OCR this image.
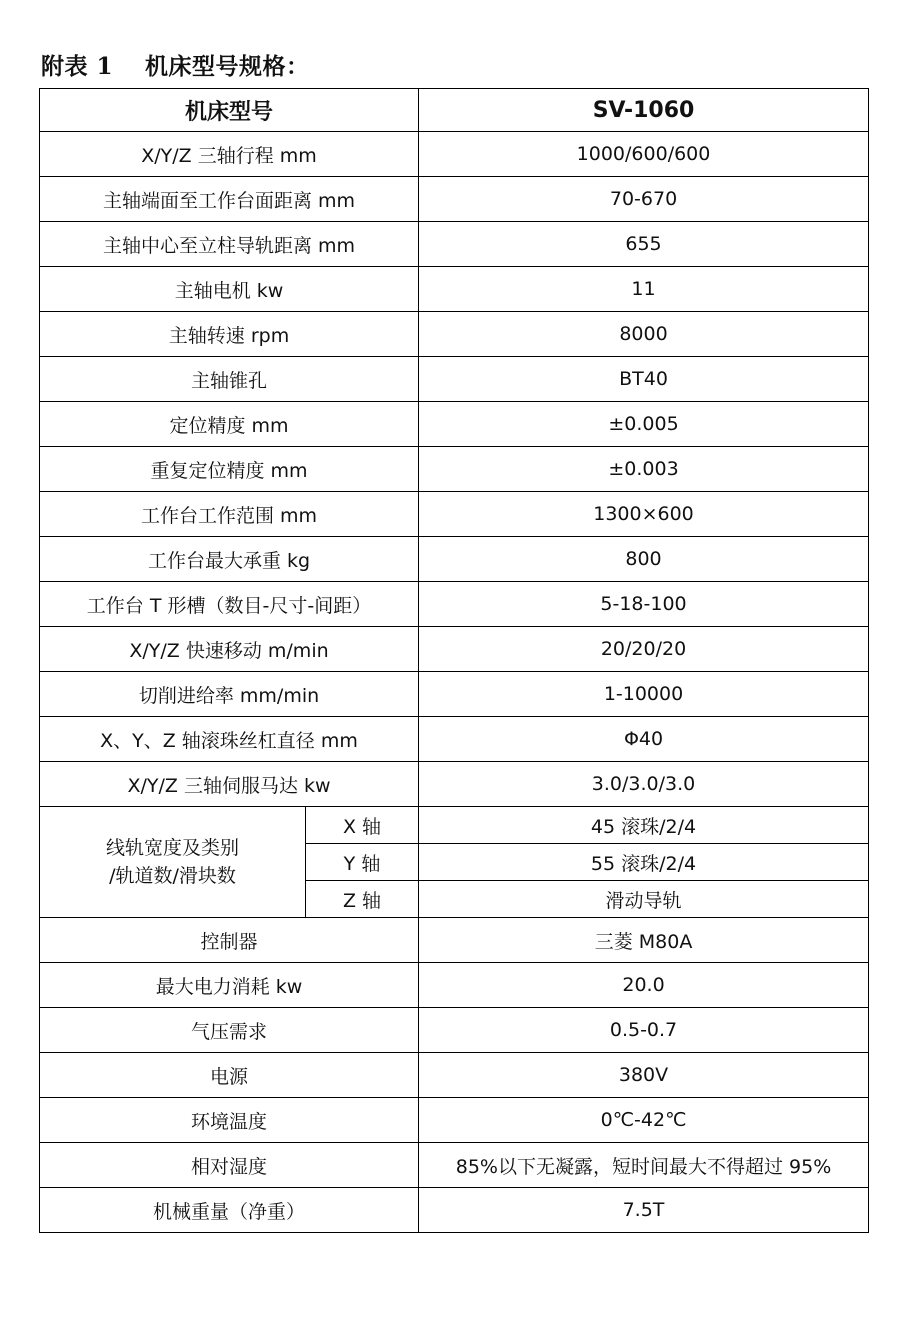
附表 1　 机床型号规格：
机床型号		SV-1060
X/Y/Z 三轴行程 mm		1000/600/600
主轴端面至工作台面距离 mm		70-670
主轴中心至立柱导轨距离 mm		655
主轴电机 kw		11
主轴转速 rpm		8000
主轴锥孔		BT40
定位精度 mm		±0.005
重复定位精度 mm		±0.003
工作台工作范围 mm		1300×600
工作台最大承重 kg		800
工作台 T 形槽（数目-尺寸-间距）		5-18-100
X/Y/Z 快速移动 m/min		20/20/20
切削进给率 mm/min		1-10000
X、Y、Z 轴滚珠丝杠直径 mm		Φ40
X/Y/Z 三轴伺服马达 kw		3.0/3.0/3.0

线轨宽度及类别
/轨道数/滑块数	X 轴	45 滚珠/2/4
	Y 轴	55 滚珠/2/4
	Z 轴	滑动导轨
控制器		三菱 M80A
最大电力消耗 kw		20.0
气压需求		0.5-0.7
电源		380V
环境温度		0℃-42℃
相对湿度		85%以下无凝露，短时间最大不得超过 95%
机械重量（净重）		7.5T
